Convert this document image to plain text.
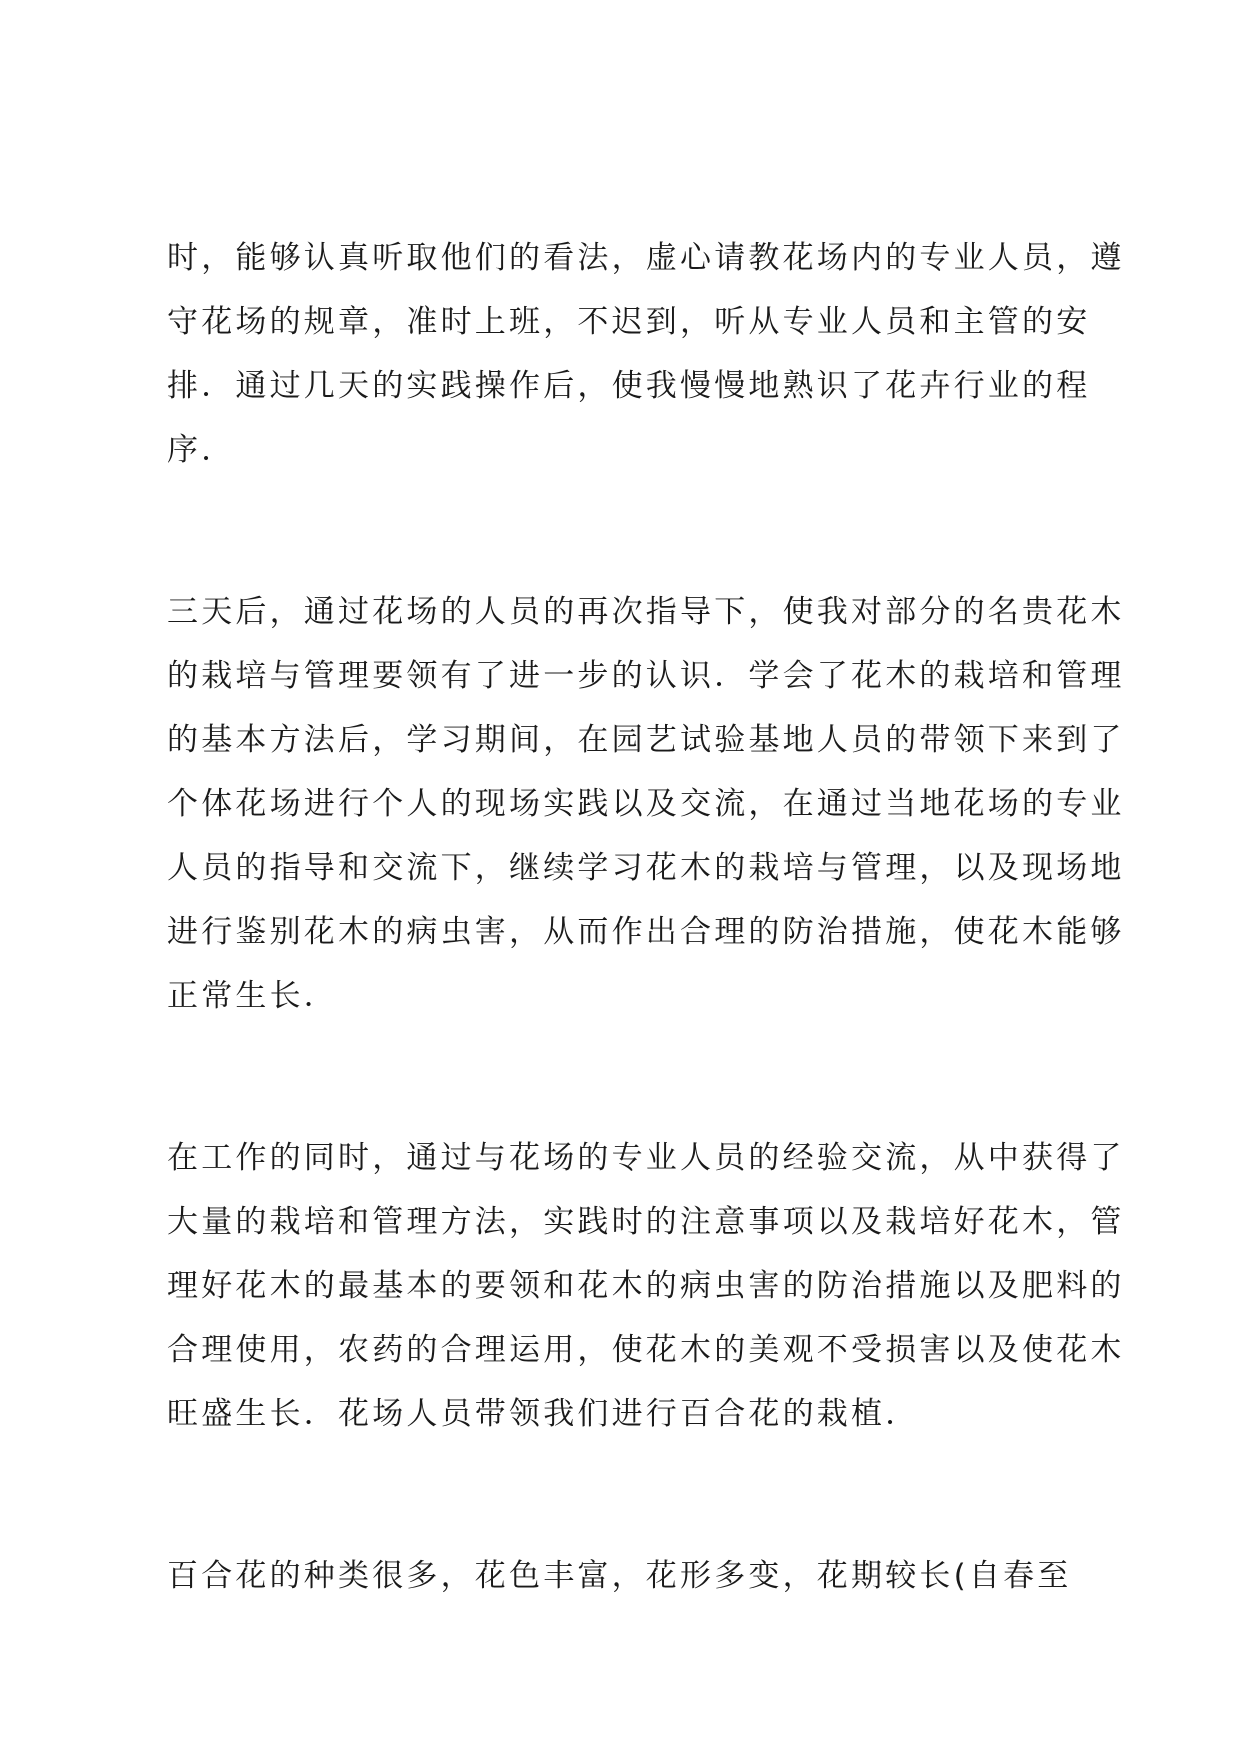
时，能够认真听取他们的看法，虚心请教花场内的专业人员，遵
守花场的规章，准时上班，不迟到，听从专业人员和主管的安
排．通过几天的实践操作后，使我慢慢地熟识了花卉行业的程
序．
三天后，通过花场的人员的再次指导下，使我对部分的名贵花木
的栽培与管理要领有了进一步的认识．学会了花木的栽培和管理
的基本方法后，学习期间，在园艺试验基地人员的带领下来到了
个体花场进行个人的现场实践以及交流，在通过当地花场的专业
人员的指导和交流下，继续学习花木的栽培与管理，以及现场地
进行鉴别花木的病虫害，从而作出合理的防治措施，使花木能够
正常生长．
在工作的同时，通过与花场的专业人员的经验交流，从中获得了
大量的栽培和管理方法，实践时的注意事项以及栽培好花木，管
理好花木的最基本的要领和花木的病虫害的防治措施以及肥料的
合理使用，农药的合理运用，使花木的美观不受损害以及使花木
旺盛生长．花场人员带领我们进行百合花的栽植．
百合花的种类很多，花色丰富，花形多变，花期较长(自春至
